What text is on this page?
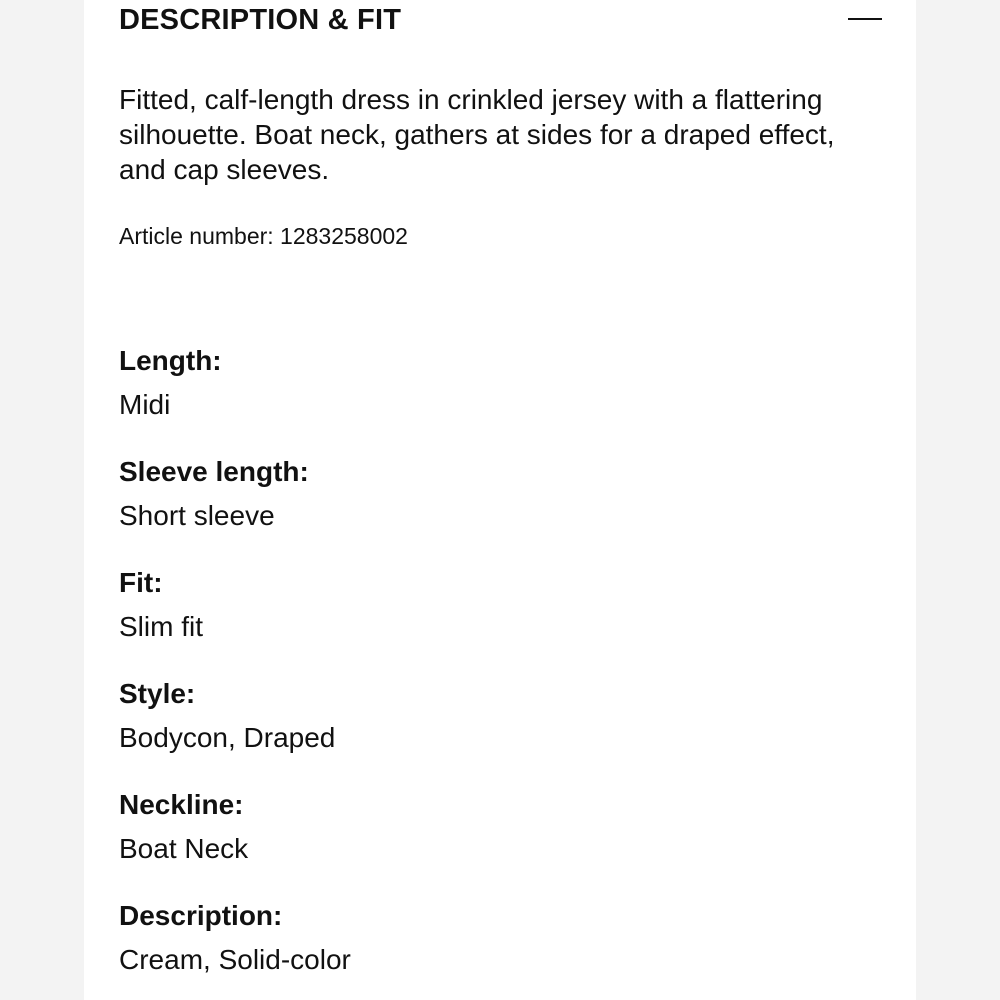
DESCRIPTION & FIT

Fitted, calf-length dress in crinkled jersey with a flattering silhouette. Boat neck, gathers at sides for a draped effect, and cap sleeves.

Article number: 1283258002
Length:
Midi
Sleeve length:
Short sleeve
Fit:
Slim fit
Style:
Bodycon, Draped
Neckline:
Boat Neck
Description:
Cream, Solid-color
